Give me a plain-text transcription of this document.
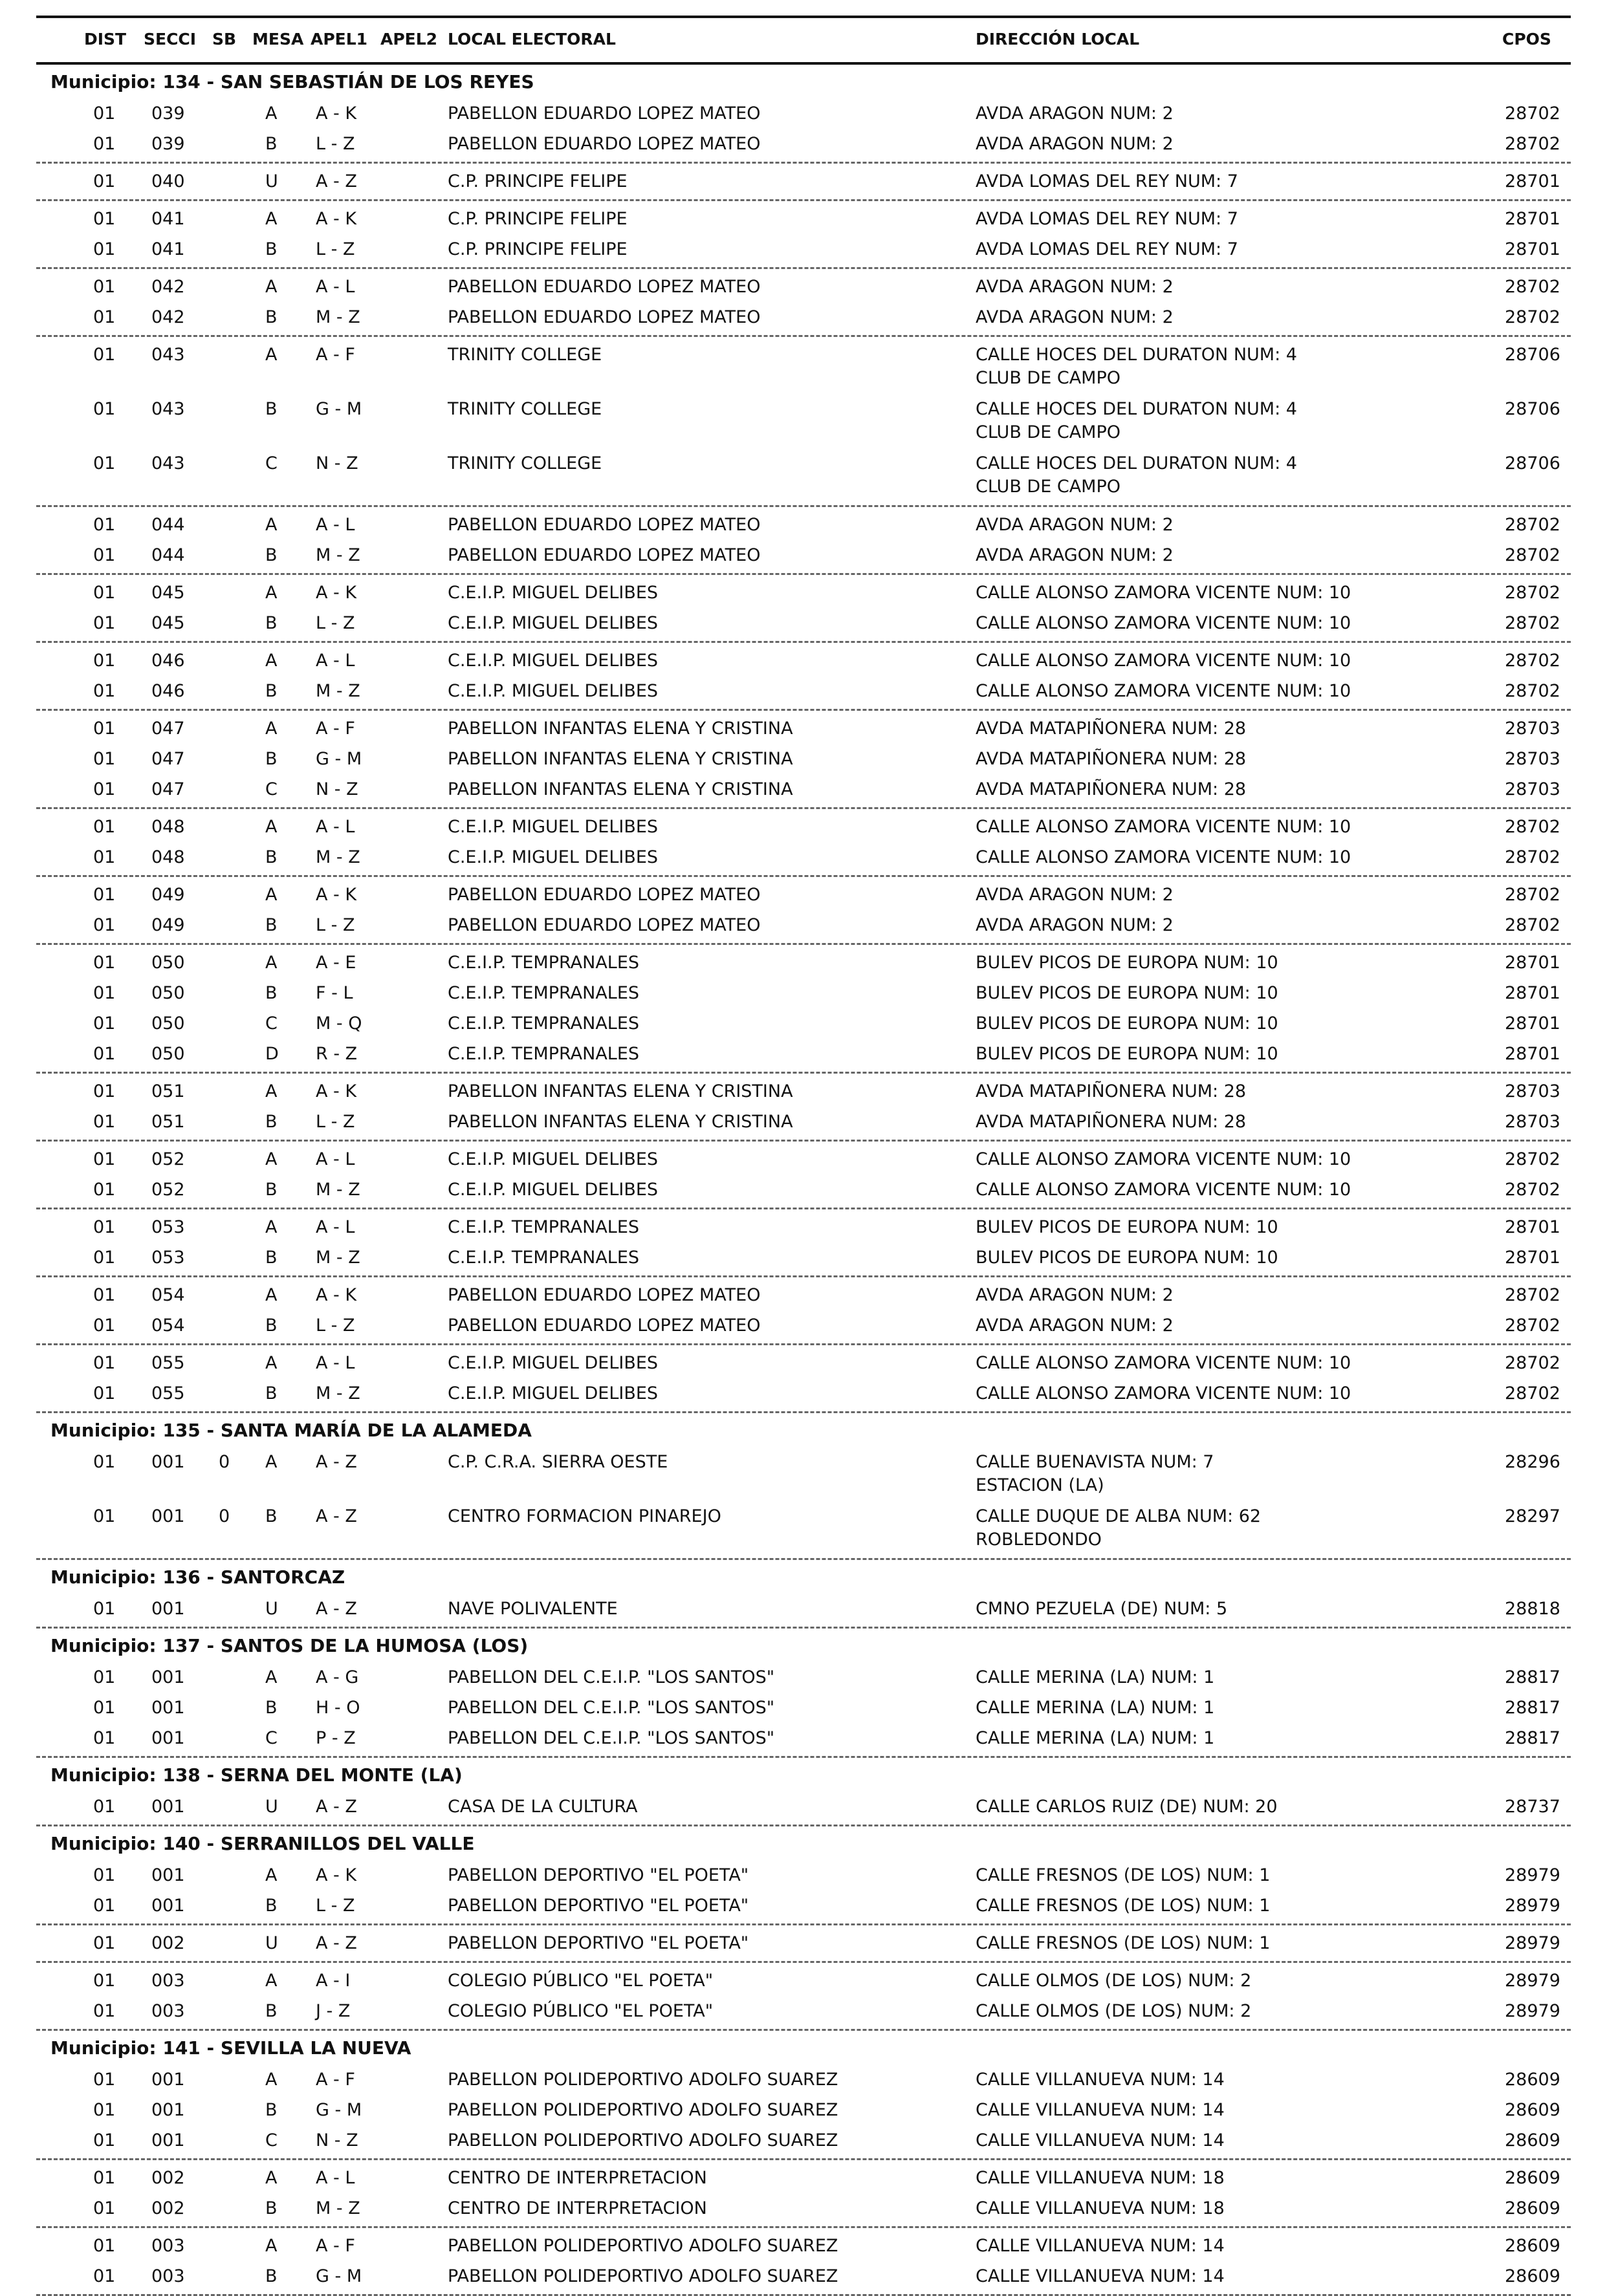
DIST SECCI SB MESA APEL1 APEL2 LOCAL ELECTORAL	DIRECCIÓN LOCAL	CPOS
Municipio: 134 - SAN SEBASTIÁN DE LOS REYES
01 039	A A - K	PABELLON EDUARDO LOPEZ MATEO	AVDA ARAGON NUM: 2	28702
01 039	B L - Z	PABELLON EDUARDO LOPEZ MATEO	AVDA ARAGON NUM: 2	28702
01 040	U A - Z	C.P. PRINCIPE FELIPE	AVDA LOMAS DEL REY NUM: 7	28701
01 041	A A - K	C.P. PRINCIPE FELIPE	AVDA LOMAS DEL REY NUM: 7	28701
01 041	B L - Z	C.P. PRINCIPE FELIPE	AVDA LOMAS DEL REY NUM: 7	28701
01 042	A A - L	PABELLON EDUARDO LOPEZ MATEO	AVDA ARAGON NUM: 2	28702
01 042	B M - Z	PABELLON EDUARDO LOPEZ MATEO	AVDA ARAGON NUM: 2	28702
01 043	A A - F	TRINITY COLLEGE	CALLE HOCES DEL DURATON NUM: 4
CLUB DE CAMPO
28706
01 043	B G - M	TRINITY COLLEGE	CALLE HOCES DEL DURATON NUM: 4
CLUB DE CAMPO
28706
01 043	C N - Z	TRINITY COLLEGE	CALLE HOCES DEL DURATON NUM: 4
CLUB DE CAMPO
28706
01 044	A A - L	PABELLON EDUARDO LOPEZ MATEO	AVDA ARAGON NUM: 2	28702
01 044	B M - Z	PABELLON EDUARDO LOPEZ MATEO	AVDA ARAGON NUM: 2	28702
01 045	A A - K	C.E.I.P. MIGUEL DELIBES	CALLE ALONSO ZAMORA VICENTE NUM: 10	28702
01 045	B L - Z	C.E.I.P. MIGUEL DELIBES	CALLE ALONSO ZAMORA VICENTE NUM: 10	28702
01 046	A A - L	C.E.I.P. MIGUEL DELIBES	CALLE ALONSO ZAMORA VICENTE NUM: 10	28702
01 046	B M - Z	C.E.I.P. MIGUEL DELIBES	CALLE ALONSO ZAMORA VICENTE NUM: 10	28702
01 047	A A - F	PABELLON INFANTAS ELENA Y CRISTINA	AVDA MATAPIÑONERA NUM: 28	28703
01 047	B G - M	PABELLON INFANTAS ELENA Y CRISTINA	AVDA MATAPIÑONERA NUM: 28	28703
01 047	C N - Z	PABELLON INFANTAS ELENA Y CRISTINA	AVDA MATAPIÑONERA NUM: 28	28703
01 048	A A - L	C.E.I.P. MIGUEL DELIBES	CALLE ALONSO ZAMORA VICENTE NUM: 10	28702
01 048	B M - Z	C.E.I.P. MIGUEL DELIBES	CALLE ALONSO ZAMORA VICENTE NUM: 10	28702
01 049	A A - K	PABELLON EDUARDO LOPEZ MATEO	AVDA ARAGON NUM: 2	28702
01 049	B L - Z	PABELLON EDUARDO LOPEZ MATEO	AVDA ARAGON NUM: 2	28702
01 050	A A - E	C.E.I.P. TEMPRANALES	BULEV PICOS DE EUROPA NUM: 10	28701
01 050	B F - L	C.E.I.P. TEMPRANALES	BULEV PICOS DE EUROPA NUM: 10	28701
01 050	C M - Q	C.E.I.P. TEMPRANALES	BULEV PICOS DE EUROPA NUM: 10	28701
01 050	D R - Z	C.E.I.P. TEMPRANALES	BULEV PICOS DE EUROPA NUM: 10	28701
01 051	A A - K	PABELLON INFANTAS ELENA Y CRISTINA	AVDA MATAPIÑONERA NUM: 28	28703
01 051	B L - Z	PABELLON INFANTAS ELENA Y CRISTINA	AVDA MATAPIÑONERA NUM: 28	28703
01 052	A A - L	C.E.I.P. MIGUEL DELIBES	CALLE ALONSO ZAMORA VICENTE NUM: 10	28702
01 052	B M - Z	C.E.I.P. MIGUEL DELIBES	CALLE ALONSO ZAMORA VICENTE NUM: 10	28702
01 053	A A - L	C.E.I.P. TEMPRANALES	BULEV PICOS DE EUROPA NUM: 10	28701
01 053	B M - Z	C.E.I.P. TEMPRANALES	BULEV PICOS DE EUROPA NUM: 10	28701
01 054	A A - K	PABELLON EDUARDO LOPEZ MATEO	AVDA ARAGON NUM: 2	28702
01 054	B L - Z	PABELLON EDUARDO LOPEZ MATEO	AVDA ARAGON NUM: 2	28702
01 055	A A - L	C.E.I.P. MIGUEL DELIBES	CALLE ALONSO ZAMORA VICENTE NUM: 10	28702
01 055	B M - Z	C.E.I.P. MIGUEL DELIBES	CALLE ALONSO ZAMORA VICENTE NUM: 10	28702
Municipio: 135 - SANTA MARÍA DE LA ALAMEDA
01 001 0 A A - Z	C.P. C.R.A. SIERRA OESTE	CALLE BUENAVISTA NUM: 7
ESTACION (LA)
28296
01 001 0 B A - Z	CENTRO FORMACION PINAREJO	CALLE DUQUE DE ALBA NUM: 62
ROBLEDONDO
28297
Municipio: 136 - SANTORCAZ
01 001	U A - Z	NAVE POLIVALENTE	CMNO PEZUELA (DE) NUM: 5	28818
Municipio: 137 - SANTOS DE LA HUMOSA (LOS)
01 001	A A - G	PABELLON DEL C.E.I.P. "LOS SANTOS"	CALLE MERINA (LA) NUM: 1	28817
01 001	B H - O	PABELLON DEL C.E.I.P. "LOS SANTOS"	CALLE MERINA (LA) NUM: 1	28817
01 001	C P - Z	PABELLON DEL C.E.I.P. "LOS SANTOS"	CALLE MERINA (LA) NUM: 1	28817
Municipio: 138 - SERNA DEL MONTE (LA)
01 001	U A - Z	CASA DE LA CULTURA	CALLE CARLOS RUIZ (DE) NUM: 20	28737
Municipio: 140 - SERRANILLOS DEL VALLE
01 001	A A - K	PABELLON DEPORTIVO "EL POETA"	CALLE FRESNOS (DE LOS) NUM: 1	28979
01 001	B L - Z	PABELLON DEPORTIVO "EL POETA"	CALLE FRESNOS (DE LOS) NUM: 1	28979
01 002	U A - Z	PABELLON DEPORTIVO "EL POETA"	CALLE FRESNOS (DE LOS) NUM: 1	28979
01 003	A A - I	COLEGIO PÚBLICO "EL POETA"	CALLE OLMOS (DE LOS) NUM: 2	28979
01 003	B J - Z	COLEGIO PÚBLICO "EL POETA"	CALLE OLMOS (DE LOS) NUM: 2	28979
Municipio: 141 - SEVILLA LA NUEVA
01 001	A A - F	PABELLON POLIDEPORTIVO ADOLFO SUAREZ	CALLE VILLANUEVA NUM: 14	28609
01 001	B G - M	PABELLON POLIDEPORTIVO ADOLFO SUAREZ	CALLE VILLANUEVA NUM: 14	28609
01 001	C N - Z	PABELLON POLIDEPORTIVO ADOLFO SUAREZ	CALLE VILLANUEVA NUM: 14	28609
01 002	A A - L	CENTRO DE INTERPRETACION	CALLE VILLANUEVA NUM: 18	28609
01 002	B M - Z	CENTRO DE INTERPRETACION	CALLE VILLANUEVA NUM: 18	28609
01 003	A A - F	PABELLON POLIDEPORTIVO ADOLFO SUAREZ	CALLE VILLANUEVA NUM: 14	28609
01 003	B G - M	PABELLON POLIDEPORTIVO ADOLFO SUAREZ	CALLE VILLANUEVA NUM: 14	28609
